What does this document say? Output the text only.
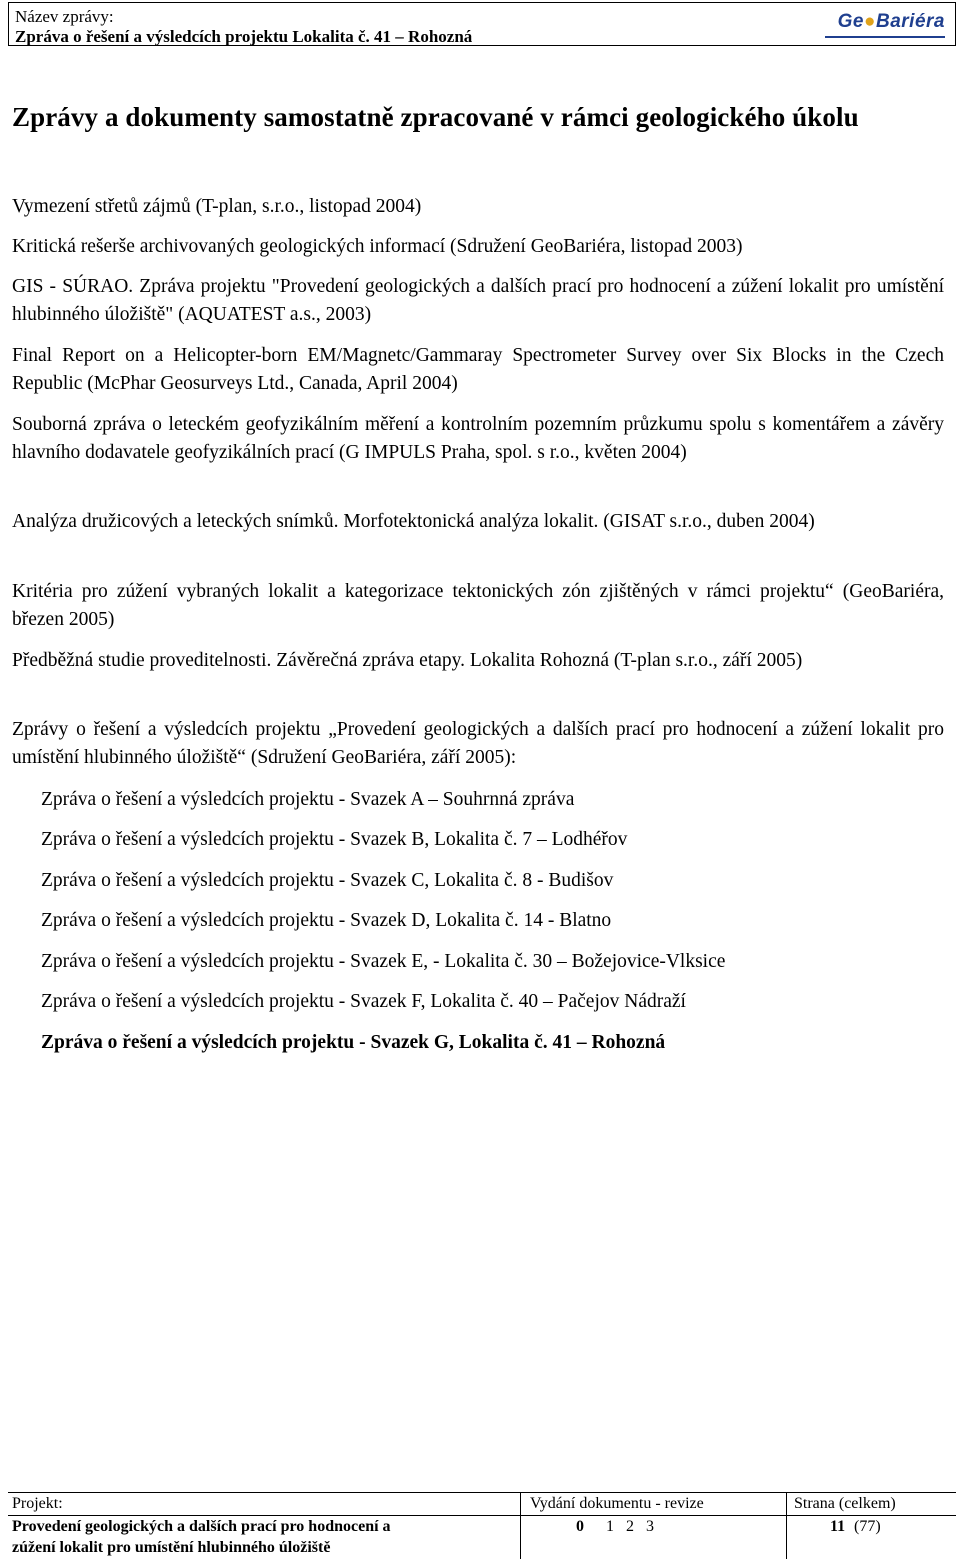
Název zprávy:
Zpráva o řešení a výsledcích projektu Lokalita č. 41 – Rohozná
Ge●Bariéra
Zprávy a dokumenty samostatně zpracované v rámci geologického úkolu

Vymezení střetů zájmů (T-plan, s.r.o., listopad 2004)

Kritická rešerše archivovaných geologických informací (Sdružení GeoBariéra, listopad 2003)

GIS - SÚRAO. Zpráva projektu "Provedení geologických a dalších prací pro hodnocení a zúžení lokalit pro umístění hlubinného úložiště" (AQUATEST a.s., 2003)

Final Report on a Helicopter-born EM/Magnetc/Gammaray Spectrometer Survey over Six Blocks in the Czech Republic (McPhar Geosurveys Ltd., Canada, April 2004)

Souborná zpráva o leteckém geofyzikálním měření a kontrolním pozemním průzkumu spolu s komentářem a závěry hlavního dodavatele geofyzikálních prací (G IMPULS Praha, spol. s r.o., květen 2004)

Analýza družicových a leteckých snímků. Morfotektonická analýza lokalit. (GISAT s.r.o., duben 2004)

Kritéria pro zúžení vybraných lokalit a kategorizace tektonických zón zjištěných v rámci projektu“ (GeoBariéra, březen 2005)

Předběžná studie proveditelnosti. Závěrečná zpráva etapy. Lokalita Rohozná (T-plan s.r.o., září 2005)

Zprávy o řešení a výsledcích projektu „Provedení geologických a dalších prací pro hodnocení a zúžení lokalit pro umístění hlubinného úložiště“ (Sdružení GeoBariéra, září 2005):

Zpráva o řešení a výsledcích projektu - Svazek A – Souhrnná zpráva

Zpráva o řešení a výsledcích projektu - Svazek B, Lokalita č. 7 – Lodhéřov

Zpráva o řešení a výsledcích projektu - Svazek C, Lokalita č. 8 - Budišov

Zpráva o řešení a výsledcích projektu - Svazek D, Lokalita č. 14 - Blatno

Zpráva o řešení a výsledcích projektu - Svazek E, - Lokalita č. 30 – Božejovice-Vlksice

Zpráva o řešení a výsledcích projektu - Svazek F, Lokalita č. 40 – Pačejov Nádraží

Zpráva o řešení a výsledcích projektu - Svazek G, Lokalita č. 41 – Rohozná

Projekt:
Provedení geologických a dalších prací pro hodnocení a
zúžení lokalit pro umístění hlubinného úložiště
Vydání dokumentu - revize
0 1   2   3
Strana (celkem)
11 (77)
